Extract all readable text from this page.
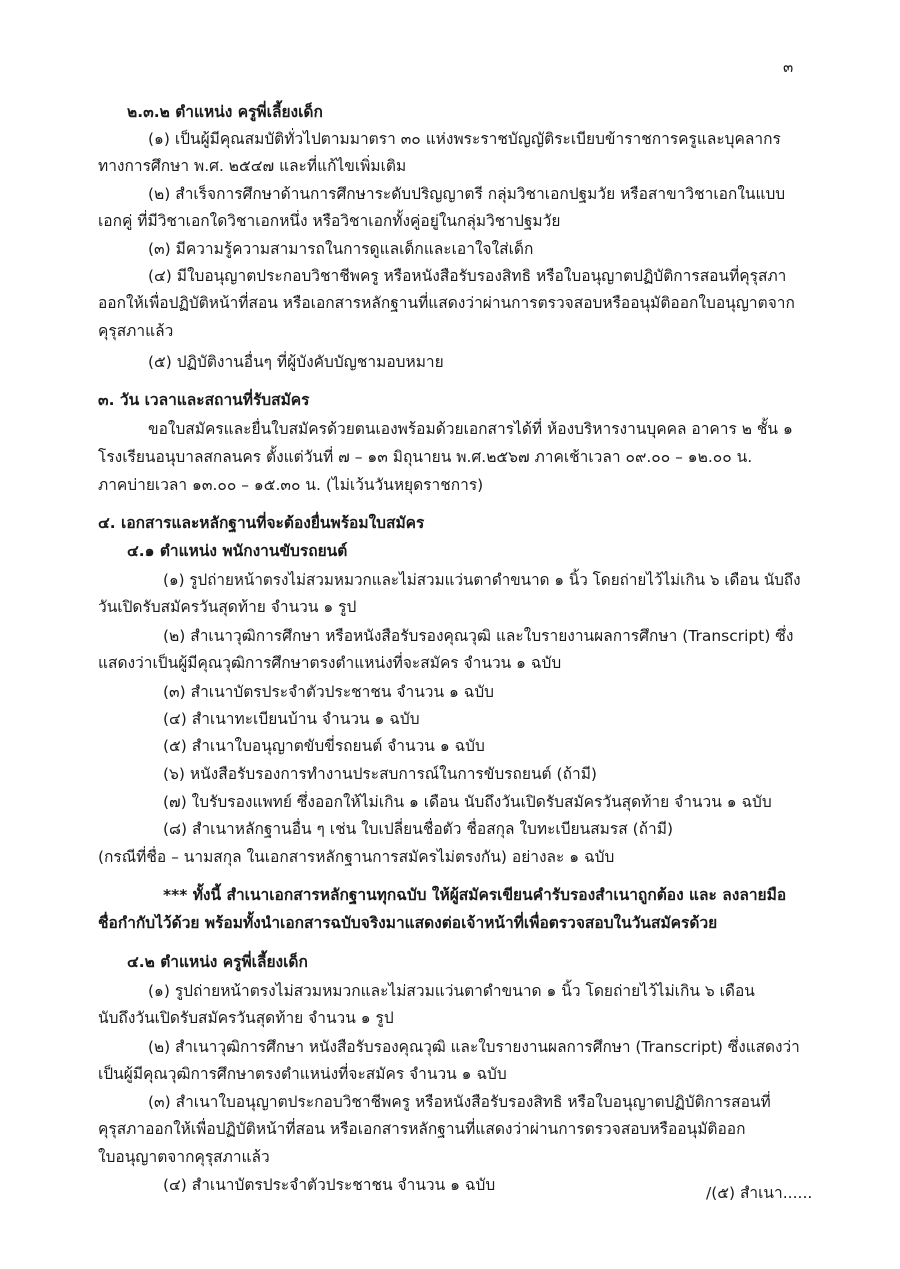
๓
๒.๓.๒ ตำแหน่ง ครูพี่เลี้ยงเด็ก
(๑) เป็นผู้มีคุณสมบัติทั่วไปตามมาตรา ๓๐ แห่งพระราชบัญญัติระเบียบข้าราชการครูและบุคลากร
ทางการศึกษา พ.ศ. ๒๕๔๗ และที่แก้ไขเพิ่มเติม
(๒) สำเร็จการศึกษาด้านการศึกษาระดับปริญญาตรี กลุ่มวิชาเอกปฐมวัย หรือสาขาวิชาเอกในแบบ
เอกคู่ ที่มีวิชาเอกใดวิชาเอกหนึ่ง หรือวิชาเอกทั้งคู่อยู่ในกลุ่มวิชาปฐมวัย
(๓) มีความรู้ความสามารถในการดูแลเด็กและเอาใจใส่เด็ก
(๔) มีใบอนุญาตประกอบวิชาชีพครู หรือหนังสือรับรองสิทธิ หรือใบอนุญาตปฏิบัติการสอนที่คุรุสภา
ออกให้เพื่อปฏิบัติหน้าที่สอน หรือเอกสารหลักฐานที่แสดงว่าผ่านการตรวจสอบหรืออนุมัติออกใบอนุญาตจาก
คุรุสภาแล้ว
(๕) ปฏิบัติงานอื่นๆ ที่ผู้บังคับบัญชามอบหมาย
๓. วัน เวลาและสถานที่รับสมัคร
ขอใบสมัครและยื่นใบสมัครด้วยตนเองพร้อมด้วยเอกสารได้ที่ ห้องบริหารงานบุคคล อาคาร ๒ ชั้น ๑
โรงเรียนอนุบาลสกลนคร ตั้งแต่วันที่ ๗ – ๑๓ มิถุนายน พ.ศ.๒๕๖๗ ภาคเช้าเวลา ๐๙.๐๐ – ๑๒.๐๐ น.
ภาคบ่ายเวลา ๑๓.๐๐ – ๑๕.๓๐ น. (ไม่เว้นวันหยุดราชการ)
๔. เอกสารและหลักฐานที่จะต้องยื่นพร้อมใบสมัคร
๔.๑ ตำแหน่ง พนักงานขับรถยนต์
(๑) รูปถ่ายหน้าตรงไม่สวมหมวกและไม่สวมแว่นตาดำขนาด ๑ นิ้ว โดยถ่ายไว้ไม่เกิน ๖ เดือน นับถึง
วันเปิดรับสมัครวันสุดท้าย จำนวน ๑ รูป
(๒) สำเนาวุฒิการศึกษา หรือหนังสือรับรองคุณวุฒิ และใบรายงานผลการศึกษา (Transcript) ซึ่ง
แสดงว่าเป็นผู้มีคุณวุฒิการศึกษาตรงตำแหน่งที่จะสมัคร จำนวน ๑ ฉบับ
(๓) สำเนาบัตรประจำตัวประชาชน จำนวน ๑ ฉบับ
(๔) สำเนาทะเบียนบ้าน จำนวน ๑ ฉบับ
(๕) สำเนาใบอนุญาตขับขี่รถยนต์ จำนวน ๑ ฉบับ
(๖) หนังสือรับรองการทำงานประสบการณ์ในการขับรถยนต์ (ถ้ามี)
(๗) ใบรับรองแพทย์ ซึ่งออกให้ไม่เกิน ๑ เดือน นับถึงวันเปิดรับสมัครวันสุดท้าย จำนวน ๑ ฉบับ
(๘) สำเนาหลักฐานอื่น ๆ เช่น ใบเปลี่ยนชื่อตัว ชื่อสกุล ใบทะเบียนสมรส (ถ้ามี)
(กรณีที่ชื่อ – นามสกุล ในเอกสารหลักฐานการสมัครไม่ตรงกัน) อย่างละ ๑ ฉบับ
*** ทั้งนี้ สำเนาเอกสารหลักฐานทุกฉบับ ให้ผู้สมัครเขียนคำรับรองสำเนาถูกต้อง และ ลงลายมือ
ชื่อกำกับไว้ด้วย พร้อมทั้งนำเอกสารฉบับจริงมาแสดงต่อเจ้าหน้าที่เพื่อตรวจสอบในวันสมัครด้วย
๔.๒ ตำแหน่ง ครูพี่เลี้ยงเด็ก
(๑) รูปถ่ายหน้าตรงไม่สวมหมวกและไม่สวมแว่นตาดำขนาด ๑ นิ้ว โดยถ่ายไว้ไม่เกิน ๖ เดือน
นับถึงวันเปิดรับสมัครวันสุดท้าย จำนวน ๑ รูป
(๒) สำเนาวุฒิการศึกษา หนังสือรับรองคุณวุฒิ และใบรายงานผลการศึกษา (Transcript) ซึ่งแสดงว่า
เป็นผู้มีคุณวุฒิการศึกษาตรงตำแหน่งที่จะสมัคร จำนวน ๑ ฉบับ
(๓) สำเนาใบอนุญาตประกอบวิชาชีพครู หรือหนังสือรับรองสิทธิ หรือใบอนุญาตปฏิบัติการสอนที่
คุรุสภาออกให้เพื่อปฏิบัติหน้าที่สอน หรือเอกสารหลักฐานที่แสดงว่าผ่านการตรวจสอบหรืออนุมัติออก
ใบอนุญาตจากคุรุสภาแล้ว
(๔) สำเนาบัตรประจำตัวประชาชน จำนวน ๑ ฉบับ	/(๕) สำเนา......
